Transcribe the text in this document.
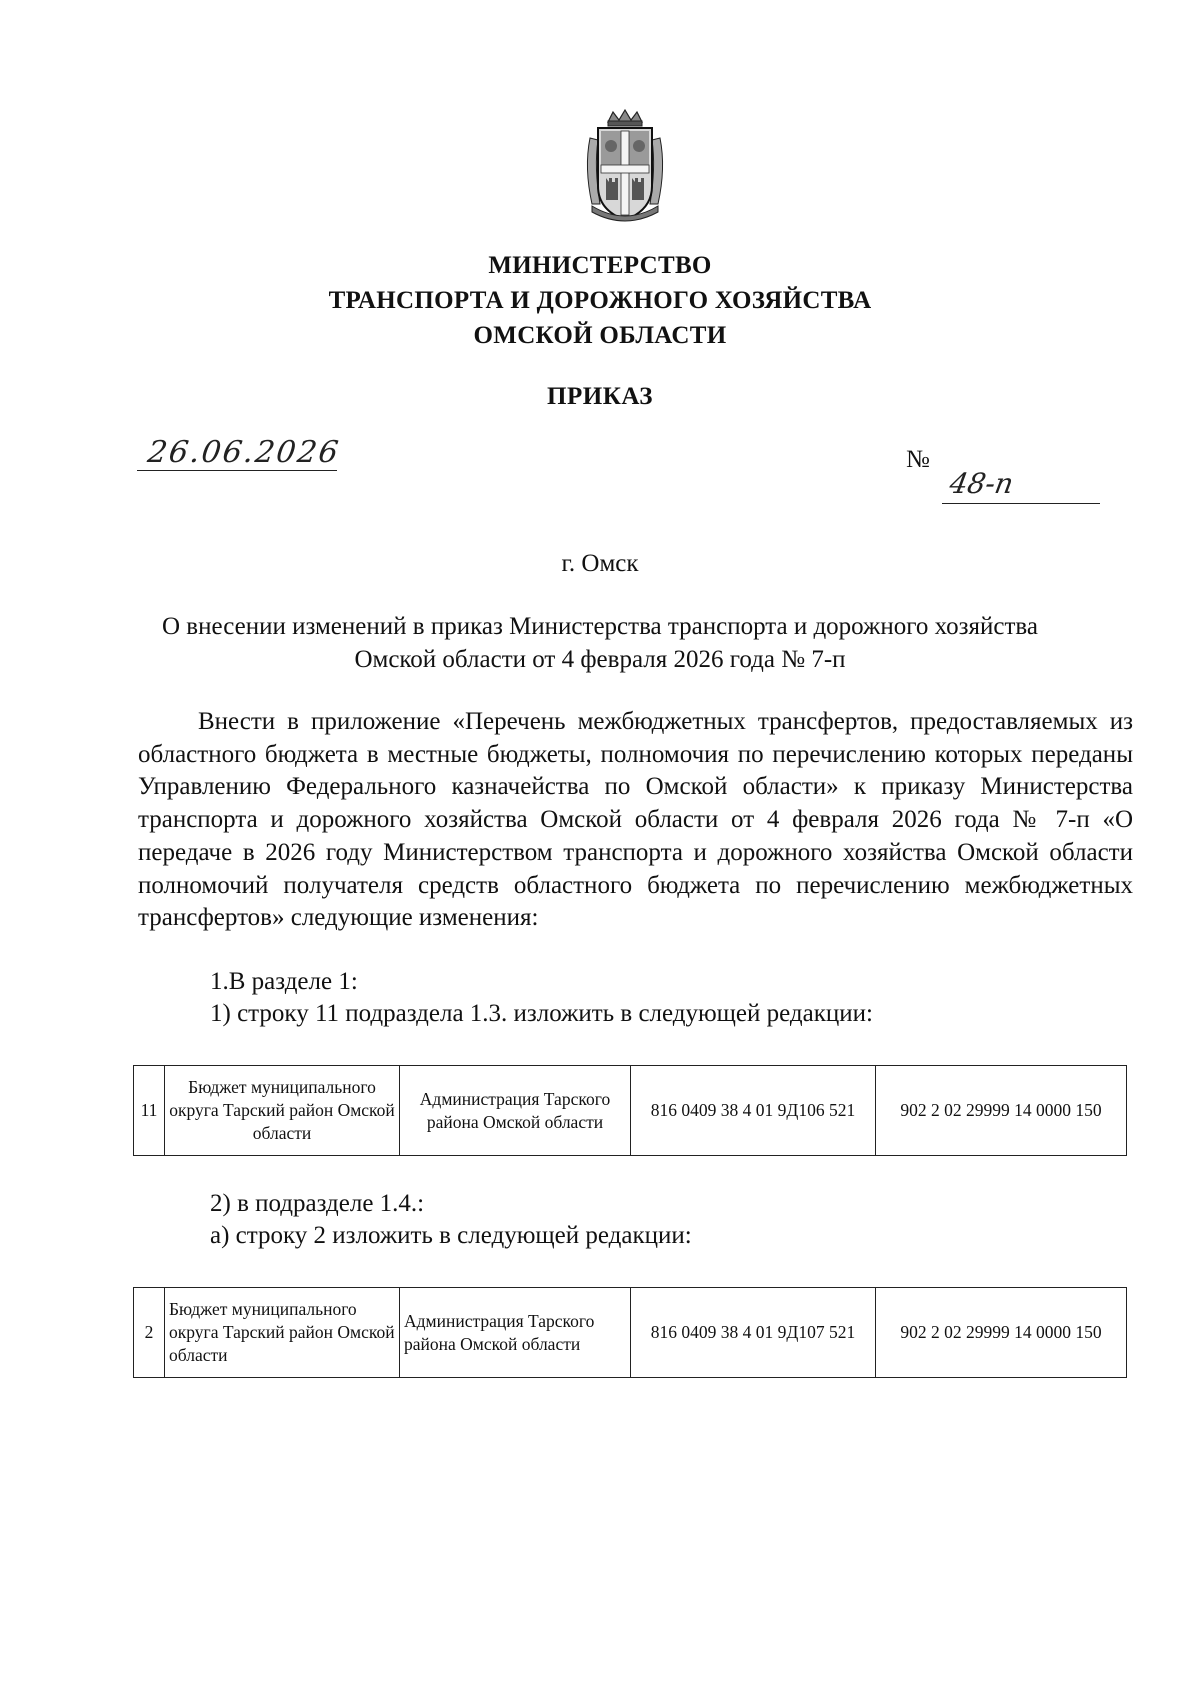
МИНИСТЕРСТВО
ТРАНСПОРТА И ДОРОЖНОГО ХОЗЯЙСТВА
ОМСКОЙ ОБЛАСТИ
ПРИКАЗ
26.06.2026	№
48-п
г. Омск
О внесении изменений в приказ Министерства транспорта и дорожного хозяйства Омской области от 4 февраля 2026 года № 7-п

Внести в приложение «Перечень межбюджетных трансфертов, предоставляемых из областного бюджета в местные бюджеты, полномочия по перечислению которых переданы Управлению Федерального казначейства по Омской области» к приказу Министерства транспорта и дорожного хозяйства Омской области от 4 февраля 2026 года № 7-п «О передаче в 2026 году Министерством транспорта и дорожного хозяйства Омской области полномочий получателя средств областного бюджета по перечислению межбюджетных трансфертов» следующие изменения:

1.В разделе 1:
1) строку 11 подраздела 1.3. изложить в следующей редакции:
11	Бюджет муниципального округа Тарский район Омской области	Администрация Тарского района Омской области	816 0409 38 4 01 9Д106 521	902 2 02 29999 14 0000 150
2) в подразделе 1.4.:
а) строку 2 изложить в следующей редакции:
2	Бюджет муниципального округа Тарский район Омской области	Администрация Тарского района Омской области	816 0409 38 4 01 9Д107 521	902 2 02 29999 14 0000 150
